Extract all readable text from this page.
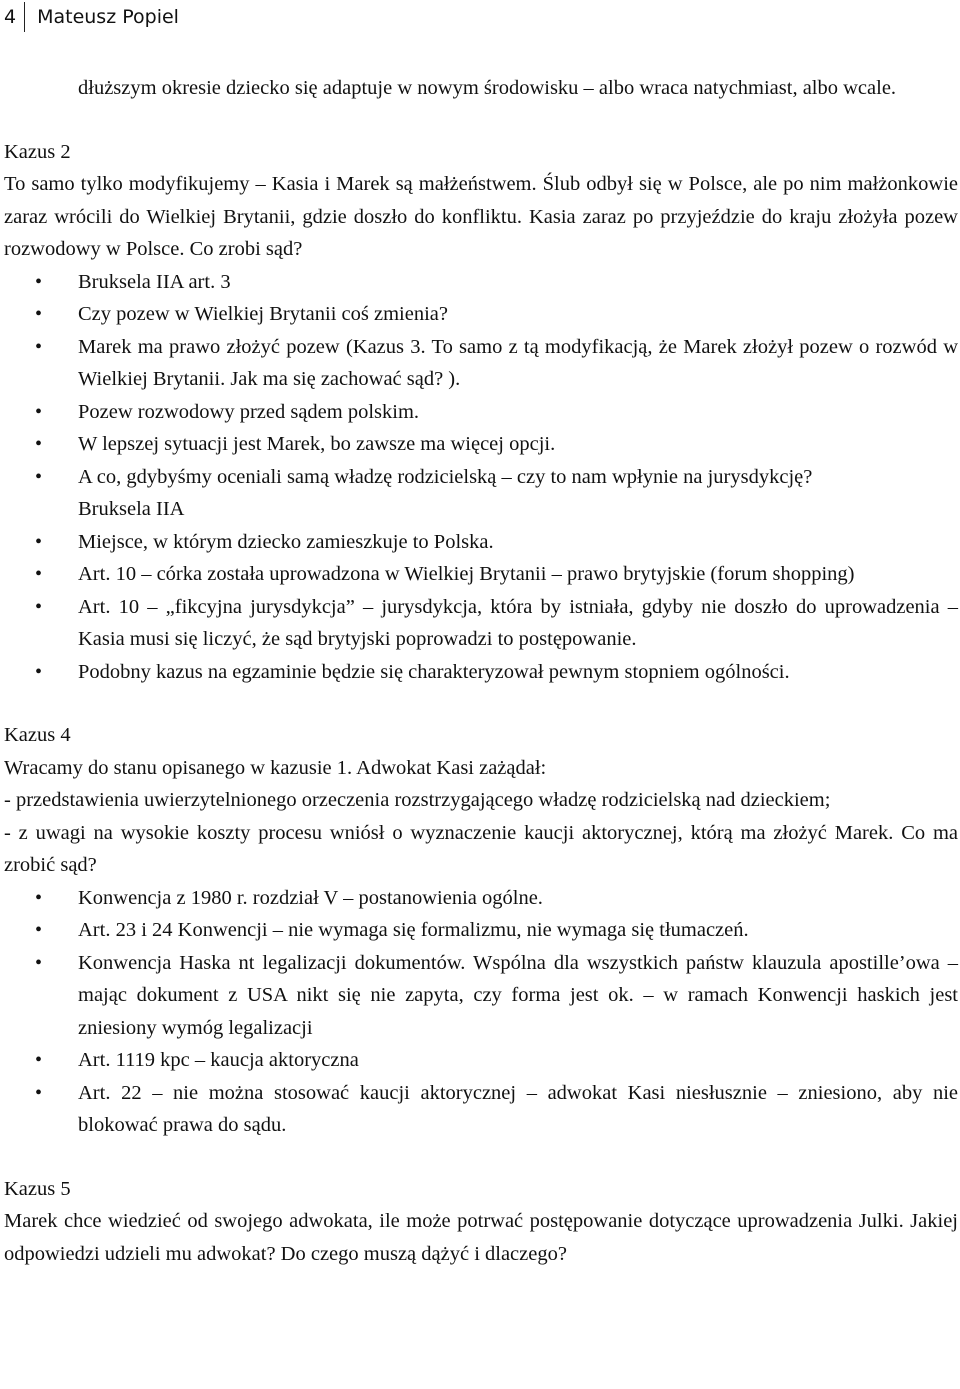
4	Mateusz Popiel

dłuższym okresie dziecko się adaptuje w nowym środowisku – albo wraca natychmiast, albo wcale.

Kazus 2

To samo tylko modyfikujemy – Kasia i Marek są małżeństwem. Ślub odbył się w Polsce, ale po nim małżonkowie zaraz wrócili do Wielkiej Brytanii, gdzie doszło do konfliktu. Kasia zaraz po przyjeździe do kraju złożyła pozew rozwodowy w Polsce. Co zrobi sąd?

• Bruksela IIA art. 3
• Czy pozew w Wielkiej Brytanii coś zmienia?
• Marek ma prawo złożyć pozew (Kazus 3. To samo z tą modyfikacją, że Marek złożył pozew o rozwód w Wielkiej Brytanii. Jak ma się zachować sąd? ).
• Pozew rozwodowy przed sądem polskim.
• W lepszej sytuacji jest Marek, bo zawsze ma więcej opcji.
• A co, gdybyśmy oceniali samą władzę rodzicielską – czy to nam wpłynie na jurysdykcję?

Bruksela IIA

• Miejsce, w którym dziecko zamieszkuje to Polska.
• Art. 10 – córka została uprowadzona w Wielkiej Brytanii – prawo brytyjskie (forum shopping)
• Art. 10 – „fikcyjna jurysdykcja” – jurysdykcja, która by istniała, gdyby nie doszło do uprowadzenia – Kasia musi się liczyć, że sąd brytyjski poprowadzi to postępowanie.
• Podobny kazus na egzaminie będzie się charakteryzował pewnym stopniem ogólności.

Kazus 4

Wracamy do stanu opisanego w kazusie 1. Adwokat Kasi zażądał:

- przedstawienia uwierzytelnionego orzeczenia rozstrzygającego władzę rodzicielską nad dzieckiem;

- z uwagi na wysokie koszty procesu wniósł o wyznaczenie kaucji aktorycznej, którą ma złożyć Marek. Co ma zrobić sąd?

• Konwencja z 1980 r. rozdział V – postanowienia ogólne.
• Art. 23 i 24 Konwencji – nie wymaga się formalizmu, nie wymaga się tłumaczeń.
• Konwencja Haska nt legalizacji dokumentów. Wspólna dla wszystkich państw klauzula apostille’owa – mając dokument z USA nikt się nie zapyta, czy forma jest ok. – w ramach Konwencji haskich jest zniesiony wymóg legalizacji
• Art. 1119 kpc – kaucja aktoryczna
• Art. 22 – nie można stosować kaucji aktorycznej – adwokat Kasi niesłusznie – zniesiono, aby nie blokować prawa do sądu.

Kazus 5

Marek chce wiedzieć od swojego adwokata, ile może potrwać postępowanie dotyczące uprowadzenia Julki. Jakiej odpowiedzi udzieli mu adwokat? Do czego muszą dążyć i dlaczego?
